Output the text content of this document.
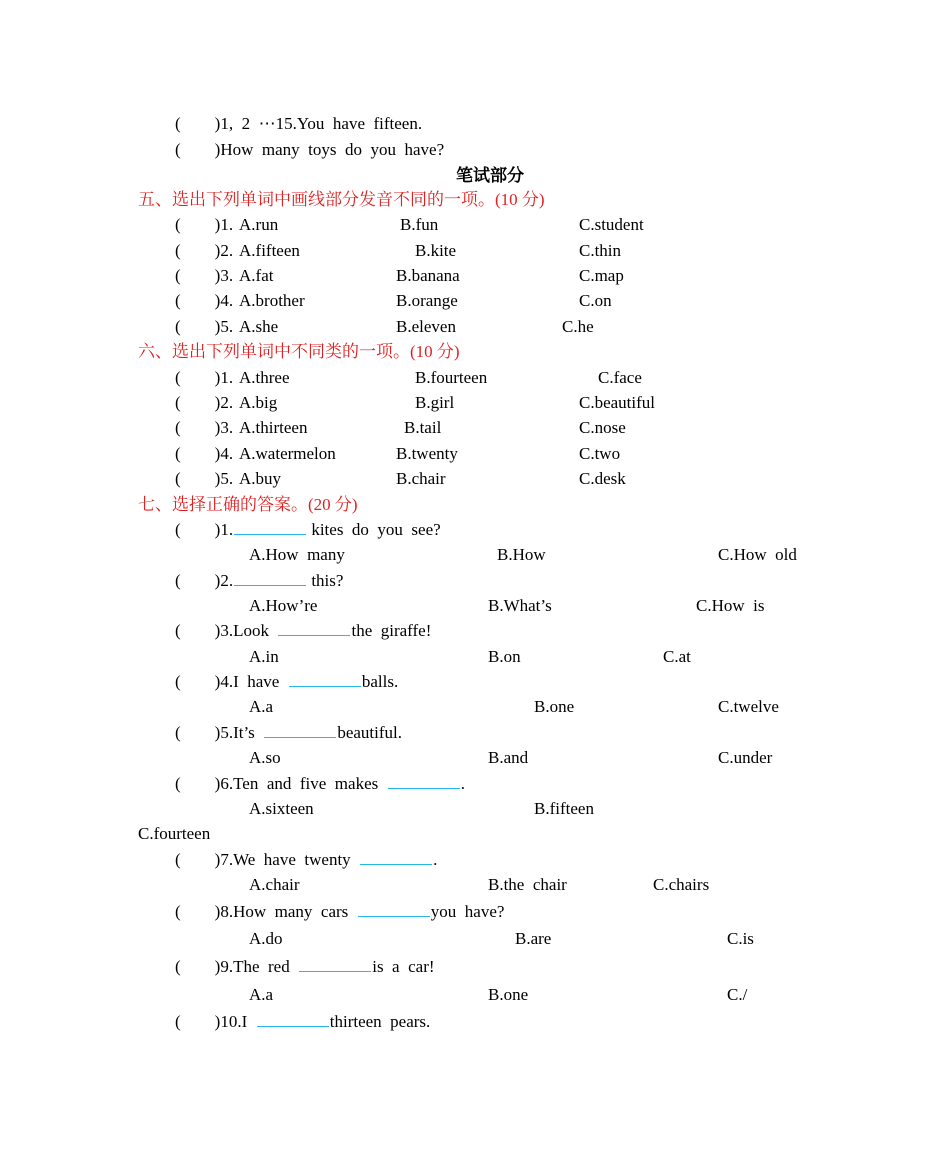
(        )1,  2  ⋯15.You  have  fifteen.
(        )How  many  toys  do  you  have?
笔试部分
五、选出下列单词中画线部分发音不同的一项。(10 分)
(        )1. A.run	B.fun	C.student
(        )2. A.fifteen	B.kite	C.thin
(        )3. A.fat	B.banana	C.map
(        )4. A.brother	B.orange	C.on
(        )5. A.she	B.eleven	C.he
六、选出下列单词中不同类的一项。(10 分)
(        )1. A.three	B.fourteen	C.face
(        )2. A.big	B.girl	C.beautiful
(        )3. A.thirteen	B.tail	C.nose
(        )4. A.watermelon	B.twenty	C.two
(        )5. A.buy	B.chair	C.desk
七、选择正确的答案。(20 分)
(        )1.	kites  do  you  see?
A.How  many	B.How	C.How  old
(        )2.	this?
A.How’re	B.What’s	C.How  is
(        )3.Look	the  giraffe!
A.in	B.on	C.at
(        )4.I  have	balls.
A.a	B.one	C.twelve
(        )5.It’s	beautiful.
A.so	B.and	C.under
(        )6.Ten  and  five  makes	.
A.sixteen	B.fifteen
C.fourteen
(        )7.We  have  twenty	.
A.chair	B.the  chair	C.chairs
(        )8.How  many  cars	you  have?
A.do	B.are	C.is
(        )9.The  red	is  a  car!
A.a	B.one	C./
(        )10.I	thirteen  pears.
